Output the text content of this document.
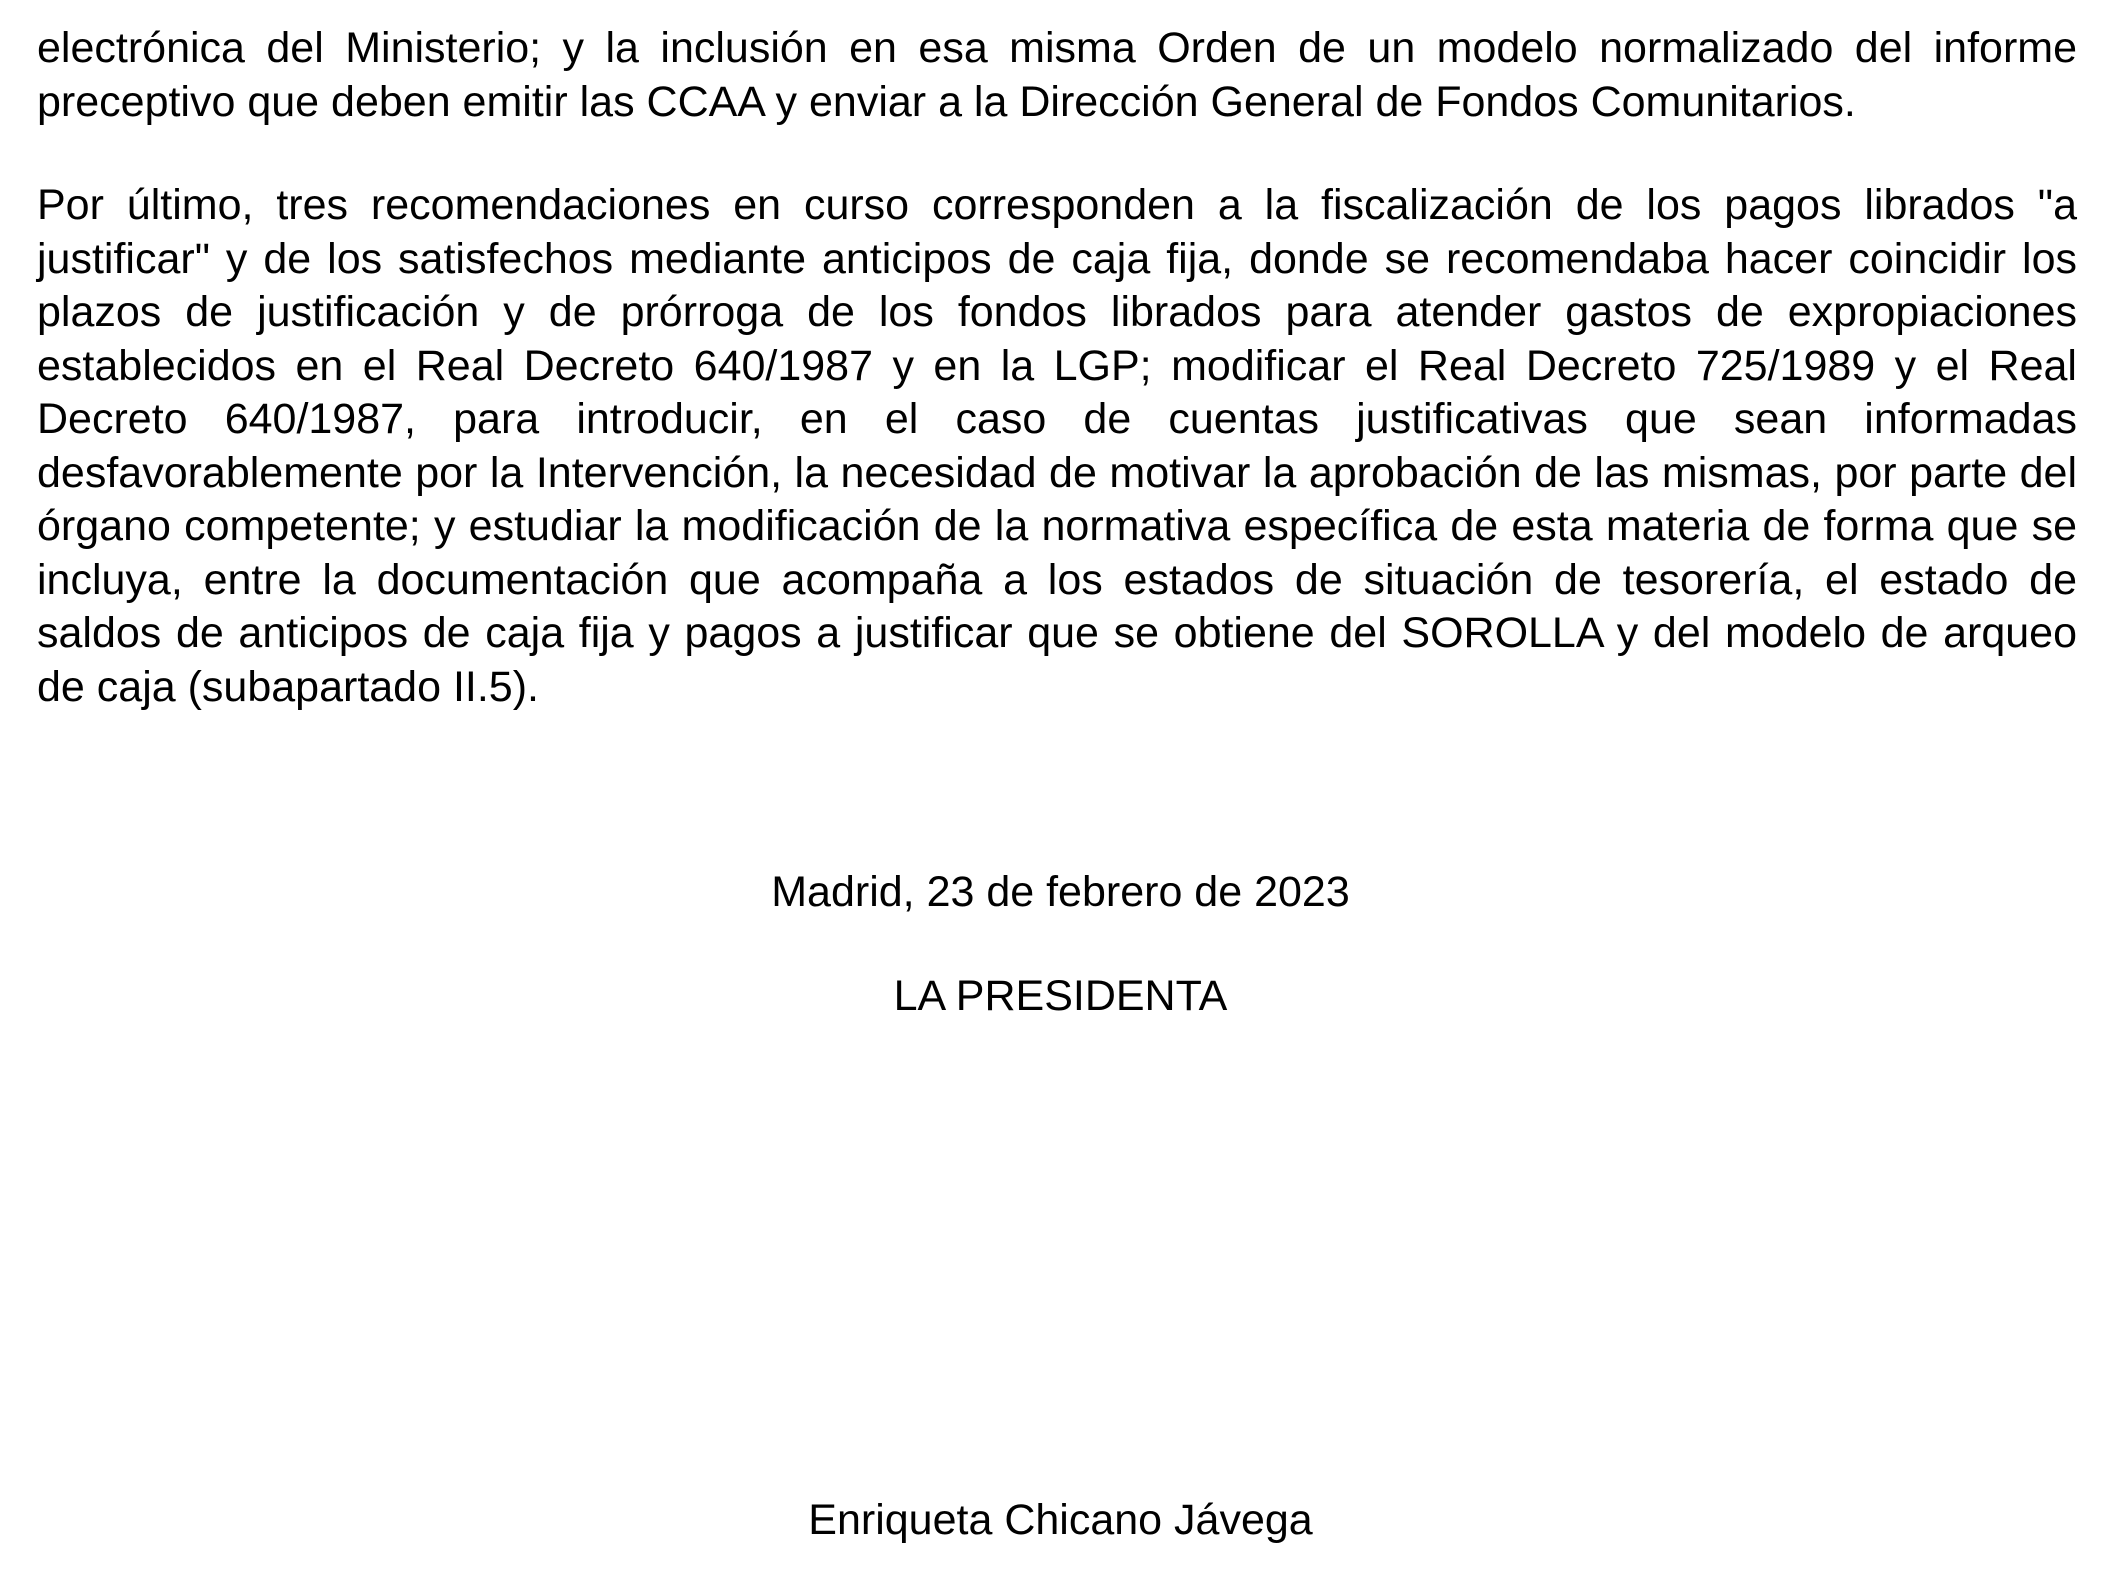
electrónica del Ministerio; y la inclusión en esa misma Orden de un modelo normalizado del informe preceptivo que deben emitir las CCAA y enviar a la Dirección General de Fondos Comunitarios.

Por último, tres recomendaciones en curso corresponden a la fiscalización de los pagos librados "a justificar" y de los satisfechos mediante anticipos de caja fija, donde se recomendaba hacer coincidir los plazos de justificación y de prórroga de los fondos librados para atender gastos de expropiaciones establecidos en el Real Decreto 640/1987 y en la LGP; modificar el Real Decreto 725/1989 y el Real Decreto 640/1987, para introducir, en el caso de cuentas justificativas que sean informadas desfavorablemente por la Intervención, la necesidad de motivar la aprobación de las mismas, por parte del órgano competente; y estudiar la modificación de la normativa específica de esta materia de forma que se incluya, entre la documentación que acompaña a los estados de situación de tesorería, el estado de saldos de anticipos de caja fija y pagos a justificar que se obtiene del SOROLLA y del modelo de arqueo de caja (subapartado II.5).

Madrid, 23 de febrero de 2023

LA PRESIDENTA

Enriqueta Chicano Jávega
